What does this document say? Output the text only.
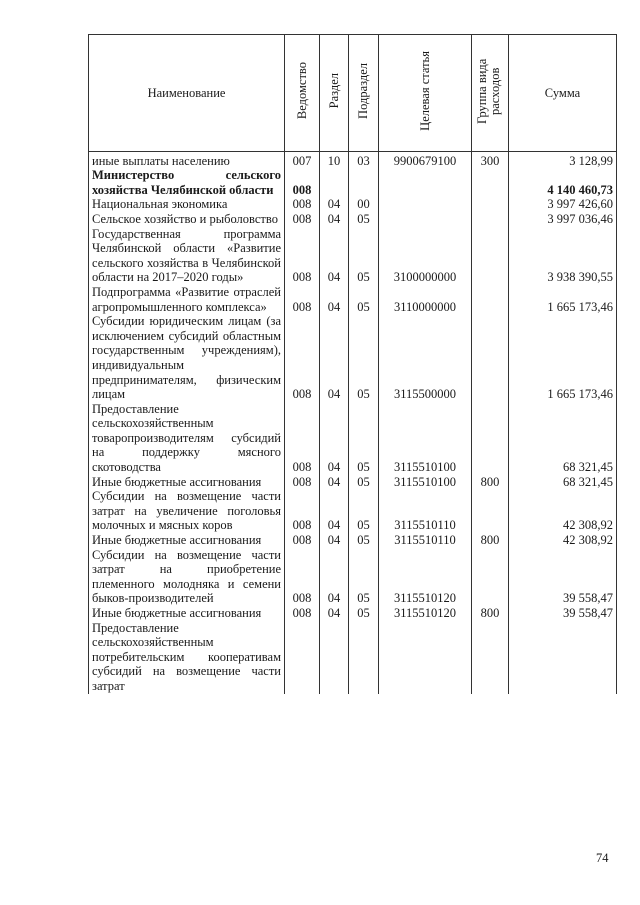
Наименование	Ведомство	Раздел	Подраздел	Целевая статья	Группа вида расходов	Сумма
иные выплаты населению	007	10	03	9900679100	300	3 128,99
Министерство сельского хозяйства Челябинской области	008					4 140 460,73
Национальная экономика	008	04	00			3 997 426,60
Сельское хозяйство и рыболовство	008	04	05			3 997 036,46
Государственная программа Челябинской области «Развитие сельского хозяйства в Челябинской области на 2017–2020 годы»	008	04	05	3100000000		3 938 390,55
Подпрограмма «Развитие отраслей агропромышленного комплекса»	008	04	05	3110000000		1 665 173,46
Субсидии юридическим лицам (за исключением субсидий областным государственным учреждениям), индивидуальным предпринимателям, физическим лицам	008	04	05	3115500000		1 665 173,46
Предоставление сельскохозяйственным товаропроизводителям субсидий на поддержку мясного скотоводства	008	04	05	3115510100		68 321,45
Иные бюджетные ассигнования	008	04	05	3115510100	800	68 321,45
Субсидии на возмещение части затрат на увеличение поголовья молочных и мясных коров	008	04	05	3115510110		42 308,92
Иные бюджетные ассигнования	008	04	05	3115510110	800	42 308,92
Субсидии на возмещение части затрат на приобретение племенного молодняка и семени быков-производителей	008	04	05	3115510120		39 558,47
Иные бюджетные ассигнования	008	04	05	3115510120	800	39 558,47
Предоставление сельскохозяйственным потребительским кооперативам субсидий на возмещение части затрат						
74
